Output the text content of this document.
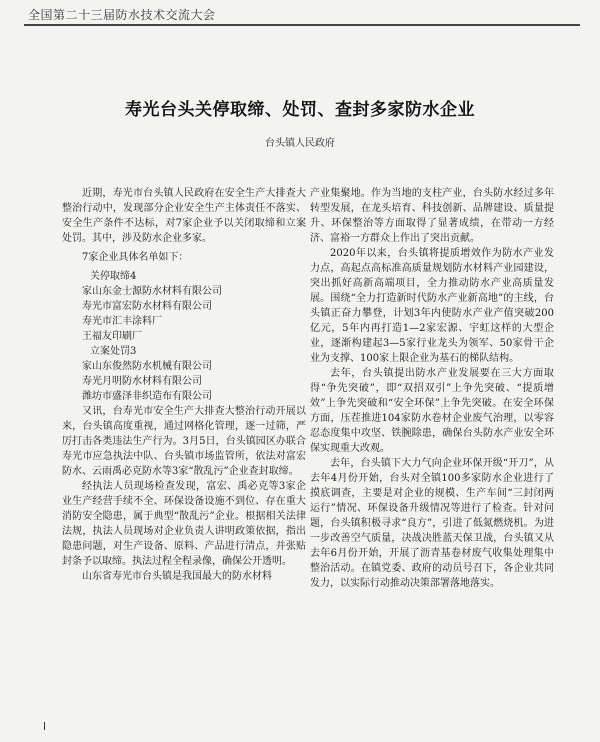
全国第二十三届防水技术交流大会
寿光台头关停取缔、处罚、查封多家防水企业
台头镇人民政府

近期，寿光市台头镇人民政府在安全生产大排查大整治行动中，发现部分企业安全生产主体责任不落实、安全生产条件不达标，对7家企业予以关闭取缔和立案处罚。其中，涉及防水企业多家。

7家企业具体名单如下：

关停取缔4
家山东金士源防水材料有限公司
寿光市富宏防水材料有限公司
寿光市汇丰涂料厂
王福友印刷厂
立案处罚3
家山东俊然防水机械有限公司
寿光月明防水材料有限公司
潍坊市盛泽非织造布有限公司

又讯，台寿光市安全生产大排查大整治行动开展以来，台头镇高度重视，通过网格化管理，逐一过筛，严厉打击各类违法生产行为。3月5日，台头镇园区办联合寿光市应急执法中队、台头镇市场监管所，依法对富宏防水、云雨禹必克防水等3家“散乱污”企业查封取缔。

经执法人员现场检查发现，富宏、禹必克等3家企业生产经营手续不全、环保设备设施不到位、存在重大消防安全隐患，属于典型“散乱污”企业。根据相关法律法规，执法人员现场对企业负责人讲明政策依据，指出隐患问题，对生产设备、原料、产品进行清点，并张贴封条予以取缔。执法过程全程录像，确保公开透明。

山东省寿光市台头镇是我国最大的防水材料

产业集聚地。作为当地的支柱产业，台头防水经过多年转型发展，在龙头培育、科技创新、品牌建设、质量提升、环保整治等方面取得了显著成绩，在带动一方经济、富裕一方群众上作出了突出贡献。

2020年以来，台头镇将提质增效作为防水产业发力点，高起点高标准高质量规划防水材料产业园建设，突出抓好高新高端项目，全力推动防水产业高质量发展。围绕“全力打造新时代防水产业新高地”的主线，台头镇正奋力攀登，计划3年内使防水产业产值突破200亿元，5年内再打造1—2家宏源、宇虹这样的大型企业，逐渐构建起3—5家行业龙头为领军、50家骨干企业为支撑、100家上限企业为基石的梯队结构。

去年，台头镇提出防水产业发展要在三大方面取得“争先突破”，即“双招双引”上争先突破、“提质增效”上争先突破和“安全环保”上争先突破。在安全环保方面，压茬推进104家防水卷材企业废气治理，以零容忍态度集中攻坚、铁腕除患，确保台头防水产业安全环保实现重大改观。

去年，台头镇下大力气向企业环保开级“开刀”，从去年4月份开始，台头对全镇100多家防水企业进行了摸底调查，主要是对企业的规模、生产车间“三封闭两运行”情况、环保设备升级情况等进行了检查。针对问题，台头镇积极寻求“良方”，引进了低氮燃烧机。为进一步改善空气质量，决战决胜蓝天保卫战，台头镇又从去年6月份开始，开展了沥青基卷材废气收集处理集中整治活动。在镇党委、政府的动员号召下，各企业共同发力，以实际行动推动决策部署落地落实。
